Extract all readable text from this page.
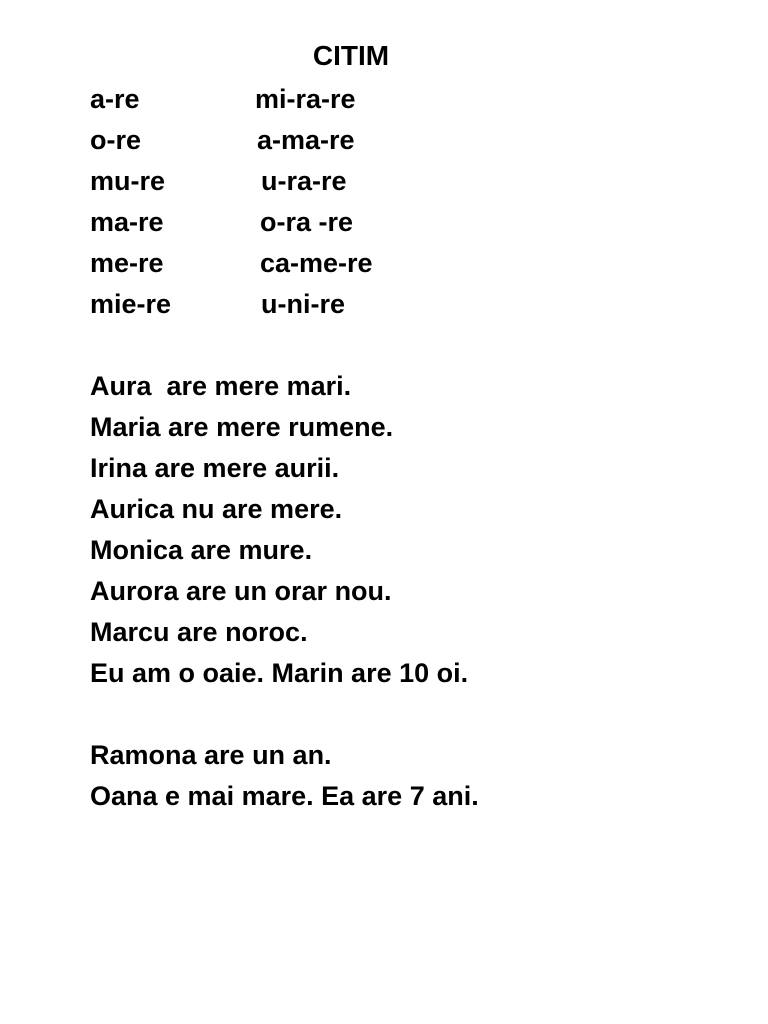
CITIM
a-re
o-re
mu-re
ma-re
me-re
mie-re
mi-ra-re
a-ma-re
u-ra-re
o-ra -re
ca-me-re
u-ni-re
Aura  are mere mari.
Maria are mere rumene.
Irina are mere aurii.
Aurica nu are mere.
Monica are mure.
Aurora are un orar nou.
Marcu are noroc.
Eu am o oaie. Marin are 10 oi.
Ramona are un an.
Oana e mai mare. Ea are 7 ani.
